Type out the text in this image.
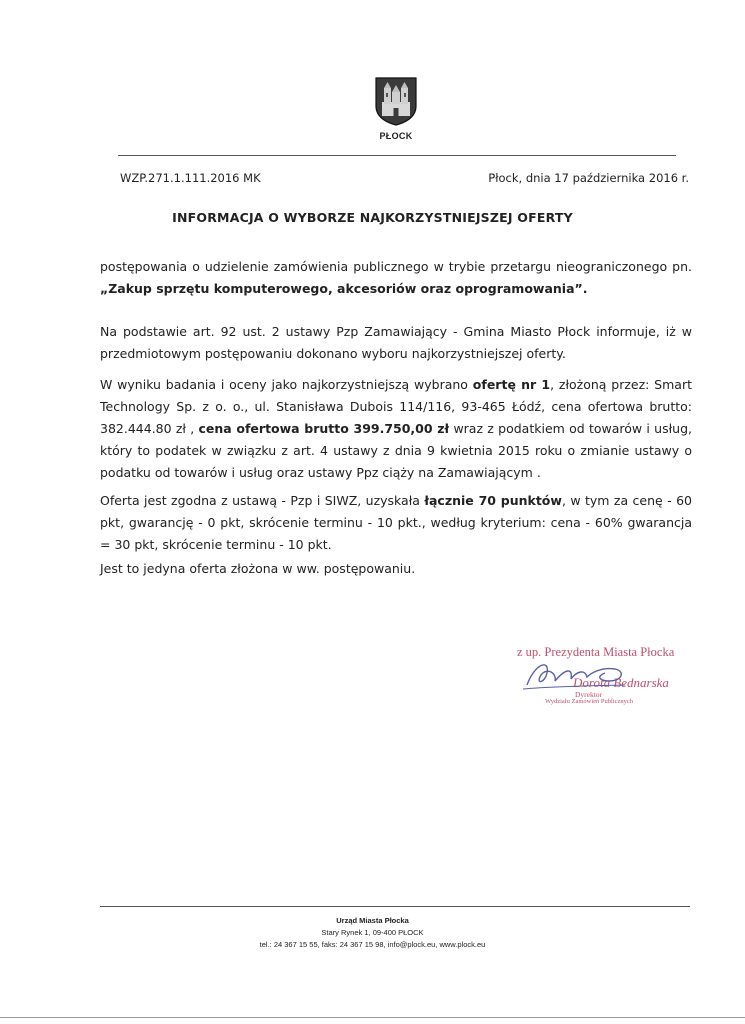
PŁOCK
WZP.271.1.111.2016 MK	Płock, dnia 17 października 2016 r.
INFORMACJA O WYBORZE NAJKORZYSTNIEJSZEJ OFERTY
postępowania o udzielenie zamówienia publicznego w trybie przetargu nieograniczonego pn. „Zakup sprzętu komputerowego, akcesoriów oraz oprogramowania”.
Na podstawie art. 92 ust. 2 ustawy Pzp Zamawiający - Gmina Miasto Płock informuje, iż w przedmiotowym postępowaniu dokonano wyboru najkorzystniejszej oferty.
W wyniku badania i oceny jako najkorzystniejszą wybrano ofertę nr 1, złożoną przez: Smart Technology Sp. z o. o., ul. Stanisława Dubois 114/116, 93-465 Łódź, cena ofertowa brutto: 382.444.80 zł , cena ofertowa brutto 399.750,00 zł wraz z podatkiem od towarów i usług, który to podatek w związku z art. 4 ustawy z dnia 9 kwietnia 2015 roku o zmianie ustawy o podatku od towarów i usług oraz ustawy Ppz ciąży na Zamawiającym .
Oferta jest zgodna z ustawą - Pzp i SIWZ, uzyskała łącznie 70 punktów, w tym za cenę - 60 pkt, gwarancję - 0 pkt, skrócenie terminu - 10 pkt., według kryterium: cena - 60% gwarancja = 30 pkt, skrócenie terminu - 10 pkt.
Jest to jedyna oferta złożona w ww. postępowaniu.
z up. Prezydenta Miasta Płocka
Dorota Bednarska
Dyrektor
Wydziału Zamówień Publicznych
Urząd Miasta Płocka
Stary Rynek 1, 09-400 PŁOCK
tel.: 24 367 15 55, faks: 24 367 15 98, info@plock.eu, www.plock.eu
